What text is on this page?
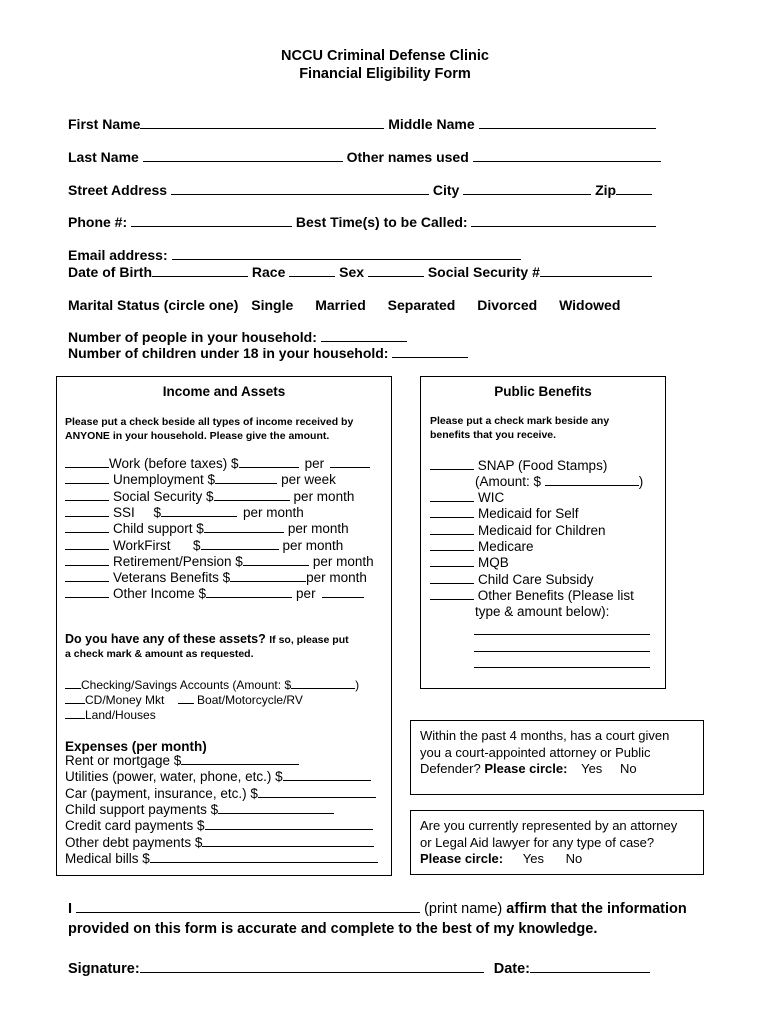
NCCU Criminal Defense Clinic
Financial Eligibility Form
First Name	Middle Name
Last Name	Other names used
Street Address	City	Zip
Phone #:	Best Time(s) to be Called:
Email address:
Date of Birth	Race	Sex	Social Security #
Marital Status (circle one) Single Married Separated Divorced Widowed
Number of people in your household:
Number of children under 18 in your household:
Income and Assets
Please put a check beside all types of income received by
ANYONE in your household. Please give the amount.
Work (before taxes) $	per
Unemployment $	per week
Social Security $	per month
SSI     $	per month
Child support $	per month
WorkFirst      $	per month
Retirement/Pension $	per month
Veterans Benefits $	per month
Other Income $	per
Do you have any of these assets? If so, please put
a check mark & amount as requested.
Checking/Savings Accounts (Amount: $	)
CD/Money Mkt	Boat/Motorcycle/RV
Land/Houses
Expenses (per month)
Rent or mortgage $
Utilities (power, water, phone, etc.) $
Car (payment, insurance, etc.) $
Child support payments $
Credit card payments $
Other debt payments $
Medical bills $
Public Benefits
Please put a check mark beside any
benefits that you receive.
SNAP (Food Stamps)
(Amount: $	)
WIC
Medicaid for Self
Medicaid for Children
Medicare
MQB
Child Care Subsidy
Other Benefits (Please list
type & amount below):
Within the past 4 months, has a court given
you a court-appointed attorney or Public
Defender? Please circle: Yes No
Are you currently represented by an attorney
or Legal Aid lawyer for any type of case?
Please circle: Yes No
I	(print name) affirm that the information
provided on this form is accurate and complete to the best of my knowledge.
Signature:	Date:
